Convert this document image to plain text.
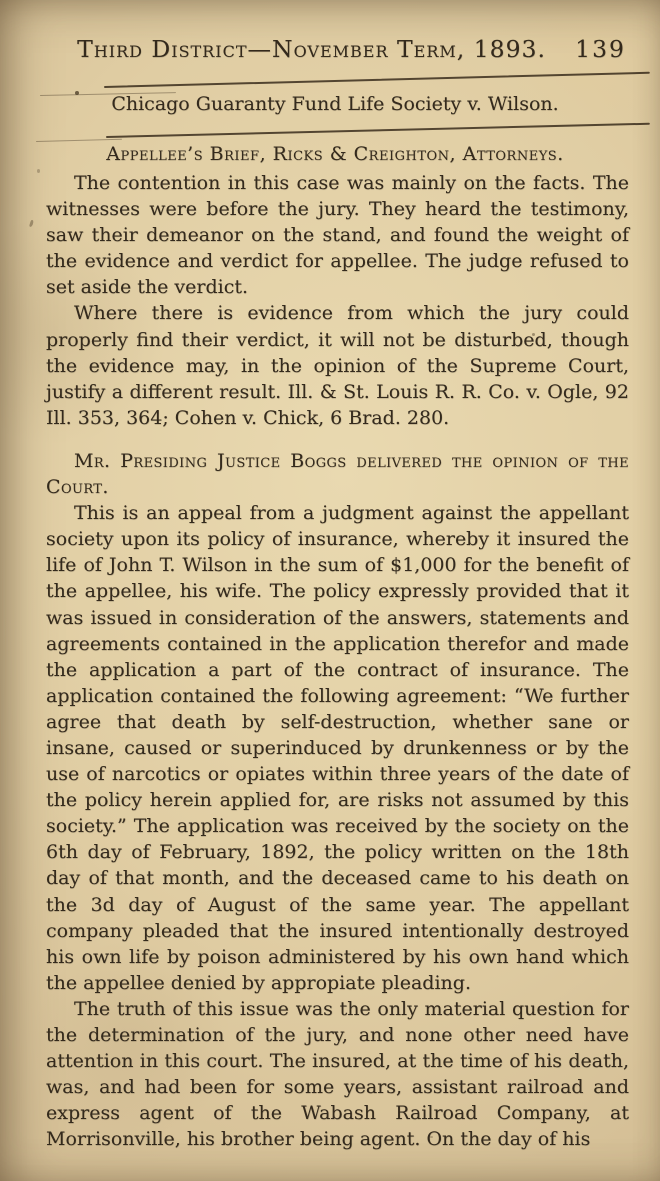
Third District—November Term, 1893.	139
Chicago Guaranty Fund Life Society v. Wilson.
Appellee’s Brief, Ricks & Creighton, Attorneys.

The contention in this case was mainly on the facts. The witnesses were before the jury. They heard the testimony, saw their demeanor on the stand, and found the weight of the evidence and verdict for appellee. The judge refused to set aside the verdict.

Where there is evidence from which the jury could properly find their verdict, it will not be disturbed, though the evidence may, in the opinion of the Supreme Court, justify a different result. Ill. & St. Louis R. R. Co. v. Ogle, 92 Ill. 353, 364; Cohen v. Chick, 6 Brad. 280.

Mr. Presiding Justice Boggs delivered the opinion of the Court.

This is an appeal from a judgment against the appellant society upon its policy of insurance, whereby it insured the life of John T. Wilson in the sum of $1,000 for the benefit of the appellee, his wife. The policy expressly provided that it was issued in consideration of the answers, statements and agreements contained in the application therefor and made the application a part of the contract of insurance. The application contained the following agreement: “We further agree that death by self-destruction, whether sane or insane, caused or superinduced by drunkenness or by the use of narcotics or opiates within three years of the date of the policy herein applied for, are risks not assumed by this society.” The application was received by the society on the 6th day of February, 1892, the policy written on the 18th day of that month, and the deceased came to his death on the 3d day of August of the same year. The appellant company pleaded that the insured intentionally destroyed his own life by poison administered by his own hand which the appellee denied by appropiate pleading.

The truth of this issue was the only material question for the determination of the jury, and none other need have attention in this court. The insured, at the time of his death, was, and had been for some years, assistant railroad and express agent of the Wabash Railroad Company, at Morrisonville, his brother being agent. On the day of his
